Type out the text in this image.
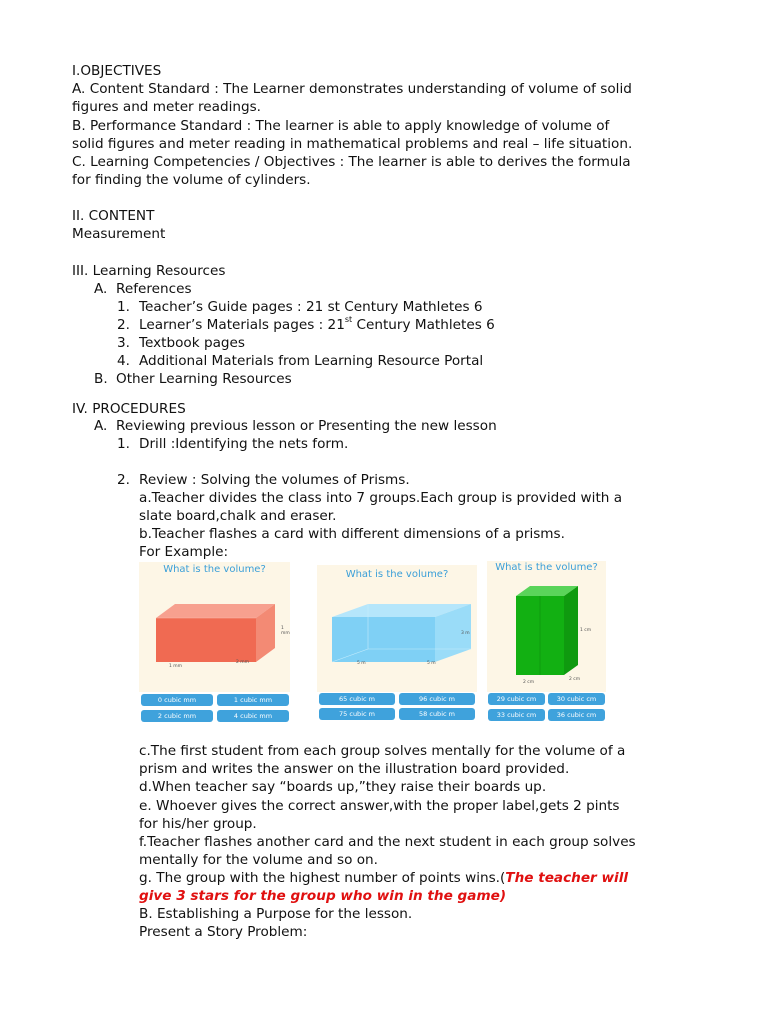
I.OBJECTIVES
A. Content Standard : The Learner demonstrates understanding of volume of solid
figures and meter readings.
B. Performance Standard : The learner is able to apply knowledge of volume of
solid figures and meter reading in mathematical problems and real – life situation.
C. Learning Competencies / Objectives : The learner is able to derives the formula
for finding the volume of cylinders.
II. CONTENT
Measurement
III. Learning Resources
A. References
1. Teacher’s Guide pages : 21 st Century Mathletes 6
2. Learner’s Materials pages : 21st Century Mathletes 6
3. Textbook pages
4. Additional Materials from Learning Resource Portal
B. Other Learning Resources
IV. PROCEDURES
A. Reviewing previous lesson or Presenting the new lesson
1. Drill :Identifying the nets form.
2. Review : Solving the volumes of Prisms.
a.Teacher divides the class into 7 groups.Each group is provided with a
slate board,chalk and eraser.
b.Teacher flashes a card with different dimensions of a prisms.
For Example:
What is the volume?
1 mm
2 mm
1 mm
0 cubic mm	1 cubic mm
2 cubic mm	4 cubic mm
What is the volume?
5 m	5 m
3 m
65 cubic m	96 cubic m
75 cubic m	58 cubic m
What is the volume?
1 cm
2 cm
2 cm
29 cubic cm	30 cubic cm
33 cubic cm	36 cubic cm
c.The first student from each group solves mentally for the volume of a
prism and writes the answer on the illustration board provided.
d.When teacher say “boards up,”they raise their boards up.
e. Whoever gives the correct answer,with the proper label,gets 2 pints
for his/her group.
f.Teacher flashes another card and the next student in each group solves
mentally for the volume and so on.
g. The group with the highest number of points wins.(The teacher will
give 3 stars for the group who win in the game)
B. Establishing a Purpose for the lesson.
Present a Story Problem:
